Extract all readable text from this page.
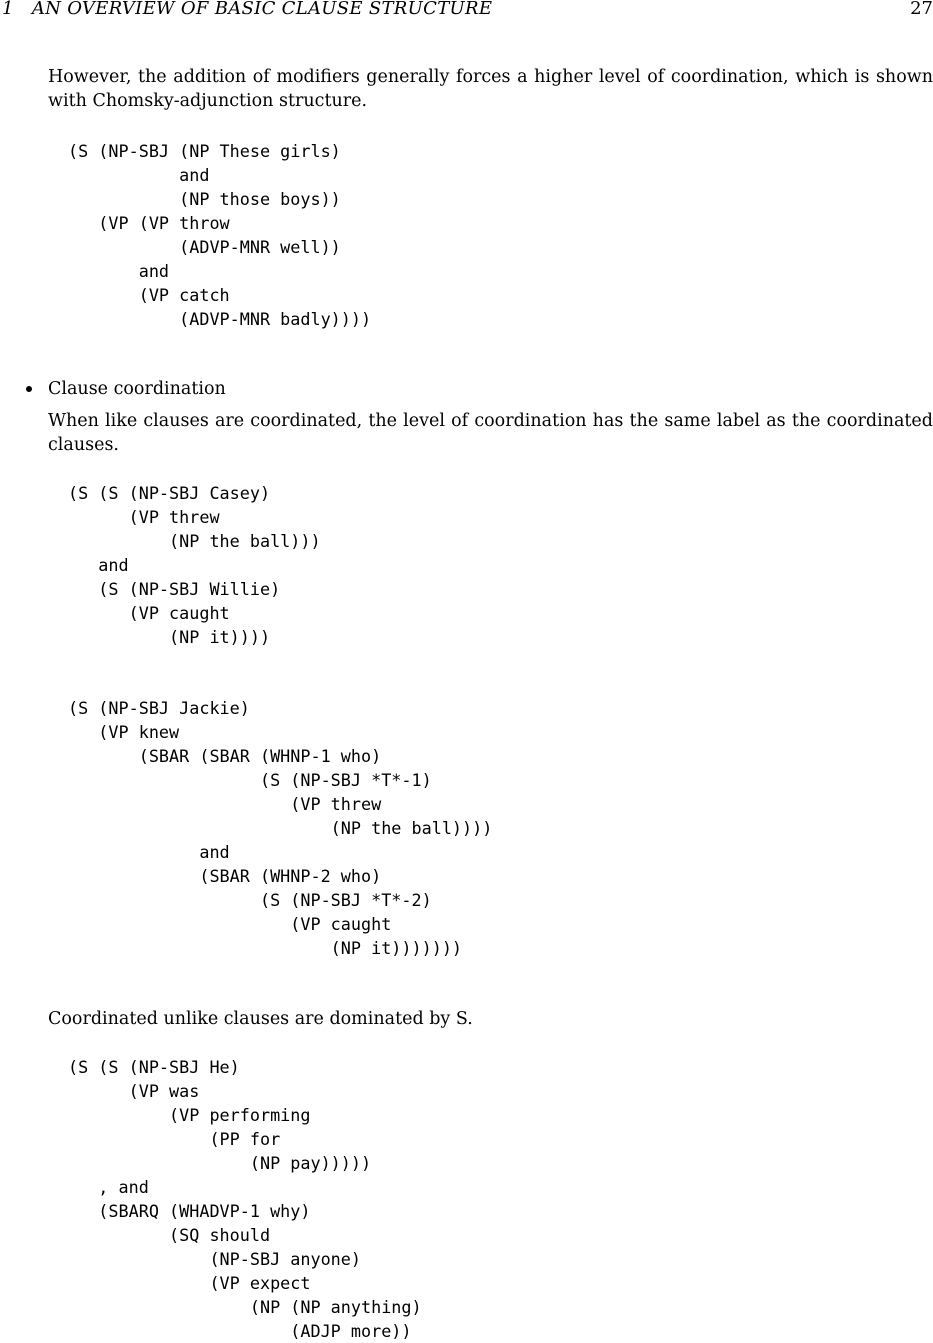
1   AN OVERVIEW OF BASIC CLAUSE STRUCTURE	27

However, the addition of modifiers generally forces a higher level of coordination, which is shown with Chomsky-adjunction structure.

(S (NP-SBJ (NP These girls)
and
(NP those boys))
(VP (VP throw
(ADVP-MNR well))
and
(VP catch
(ADVP-MNR badly))))
Clause coordination

When like clauses are coordinated, the level of coordination has the same label as the coordinated clauses.

(S (S (NP-SBJ Casey)
(VP threw
(NP the ball)))
and
(S (NP-SBJ Willie)
(VP caught
(NP it))))
(S (NP-SBJ Jackie)
(VP knew
(SBAR (SBAR (WHNP-1 who)
(S (NP-SBJ *T*-1)
(VP threw
(NP the ball))))
and
(SBAR (WHNP-2 who)
(S (NP-SBJ *T*-2)
(VP caught
(NP it)))))))

Coordinated unlike clauses are dominated by S.

(S (S (NP-SBJ He)
(VP was
(VP performing
(PP for
(NP pay)))))
, and
(SBARQ (WHADVP-1 why)
(SQ should
(NP-SBJ anyone)
(VP expect
(NP (NP anything)
(ADJP more))
